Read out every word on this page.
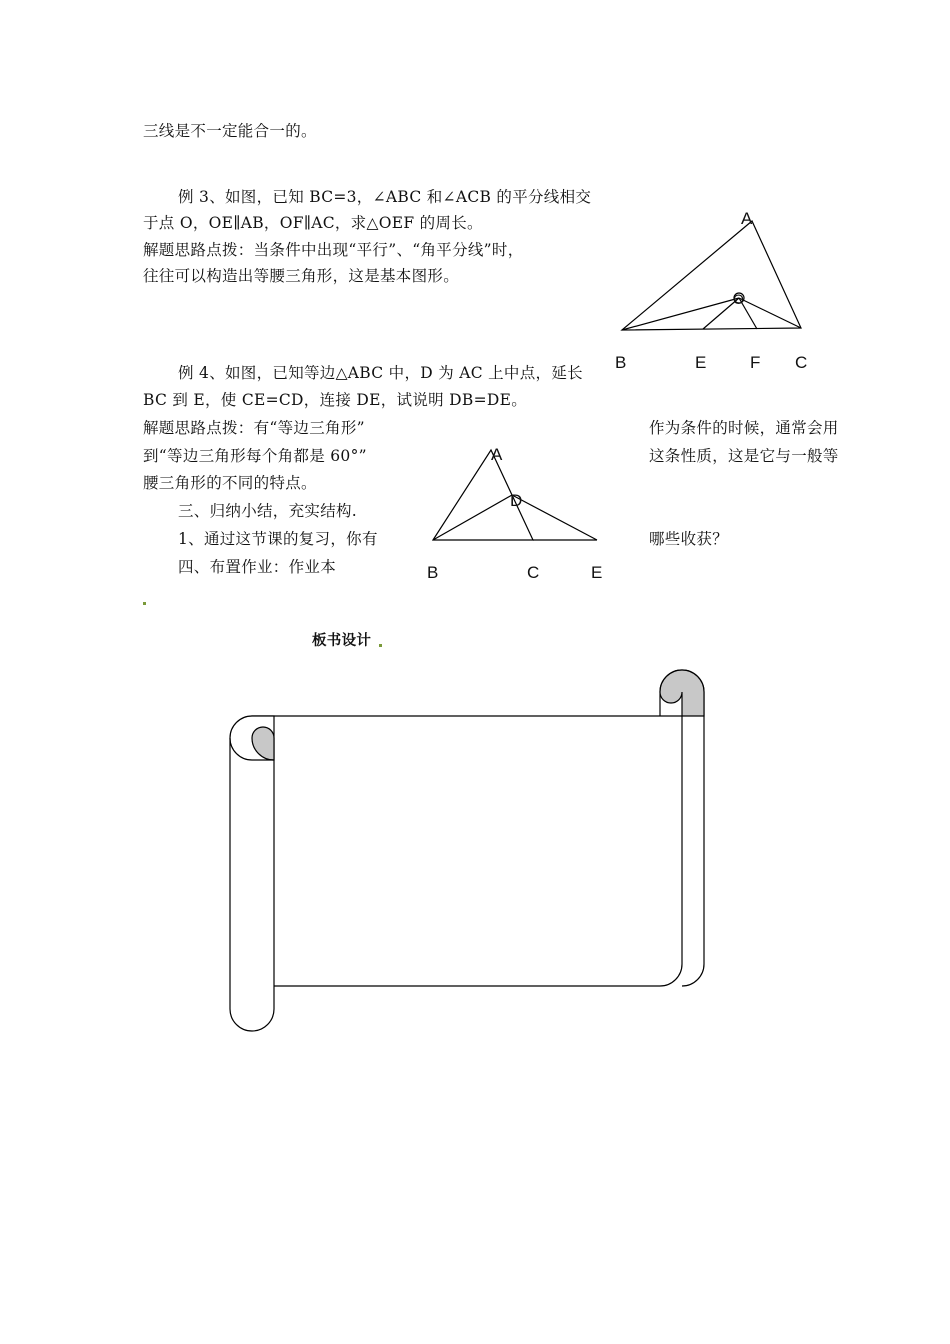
三线是不一定能合一的。
例 3、如图，已知 BC=3，∠ABC 和∠ACB 的平分线相交
于点 O，OE∥AB，OF∥AC，求△OEF 的周长。
解题思路点拨：当条件中出现“平行”、“角平分线”时，
往往可以构造出等腰三角形，这是基本图形。
例 4、如图，已知等边△ABC 中，D 为 AC 上中点，延长
BC 到 E，使 CE=CD，连接 DE，试说明 DB=DE。
解题思路点拨：有“等边三角形”	作为条件的时候，通常会用
到“等边三角形每个角都是 60°”	这条性质，这是它与一般等
腰三角形的不同的特点。
三、归纳小结，充实结构.
1、通过这节课的复习，你有	哪些收获？
四、布置作业：作业本
板书设计
A
O
B	E	F C
A
D
B	C	E
